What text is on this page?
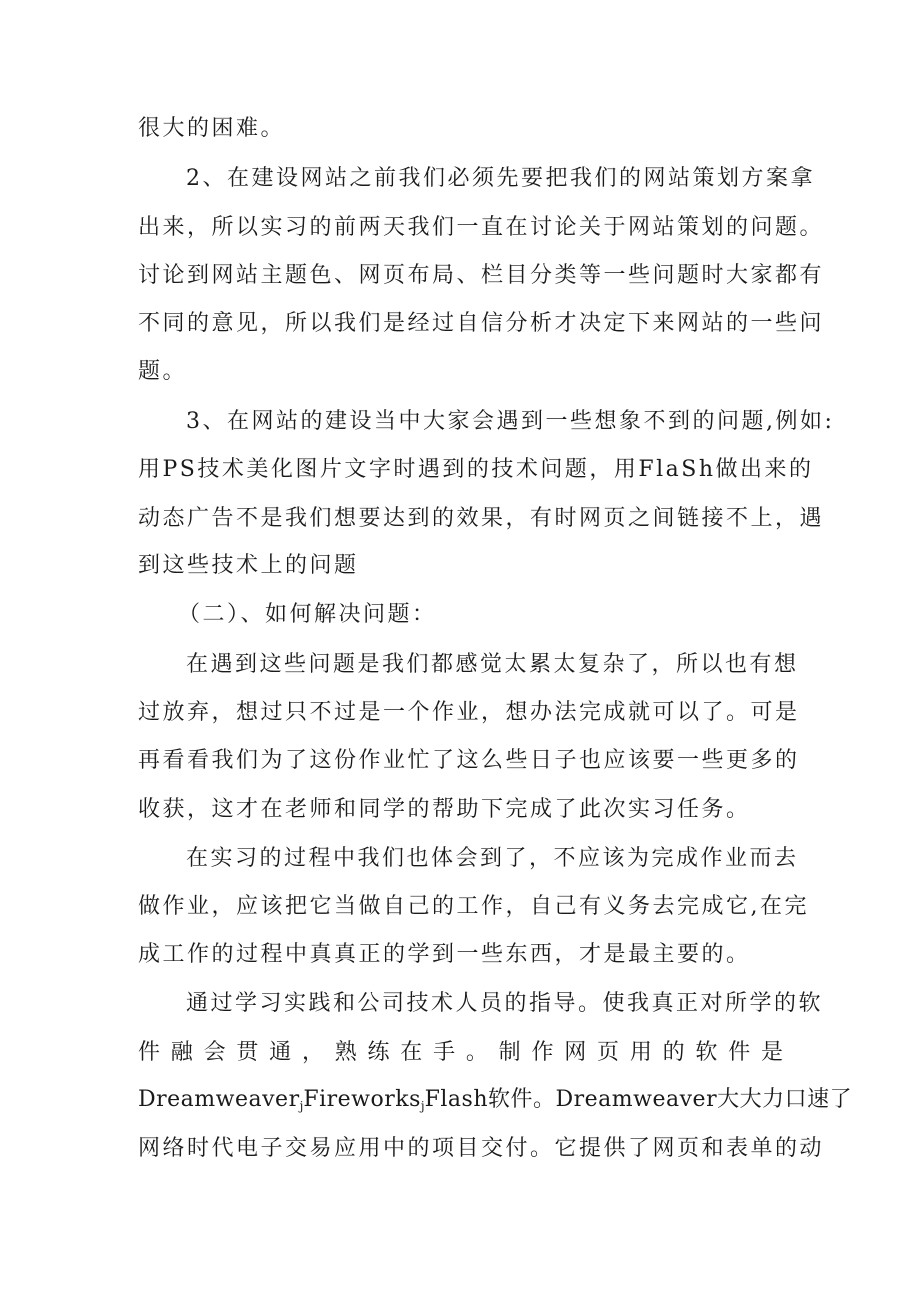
很大的困难。
2、在建设网站之前我们必须先要把我们的网站策划方案拿
出来，所以实习的前两天我们一直在讨论关于网站策划的问题。
讨论到网站主题色、网页布局、栏目分类等一些问题时大家都有
不同的意见，所以我们是经过自信分析才决定下来网站的一些问
题。
3、在网站的建设当中大家会遇到一些想象不到的问题,例如:
用PS技术美化图片文字时遇到的技术问题，用FlaSh做出来的
动态广告不是我们想要达到的效果，有时网页之间链接不上，遇
到这些技术上的问题
（二）、如何解决问题：
在遇到这些问题是我们都感觉太累太复杂了，所以也有想
过放弃，想过只不过是一个作业，想办法完成就可以了。可是
再看看我们为了这份作业忙了这么些日子也应该要一些更多的
收获，这才在老师和同学的帮助下完成了此次实习任务。
在实习的过程中我们也体会到了，不应该为完成作业而去
做作业，应该把它当做自己的工作，自己有义务去完成它,在完
成工作的过程中真真正的学到一些东西，才是最主要的。
通过学习实践和公司技术人员的指导。使我真正对所学的软
件融会贯通，熟练在手。制作网页用的软件是
Dreamweaver$_j$Fireworks$_j$Flash软件。Dreamweaver大大力口速了
网络时代电子交易应用中的项目交付。它提供了网页和表单的动
